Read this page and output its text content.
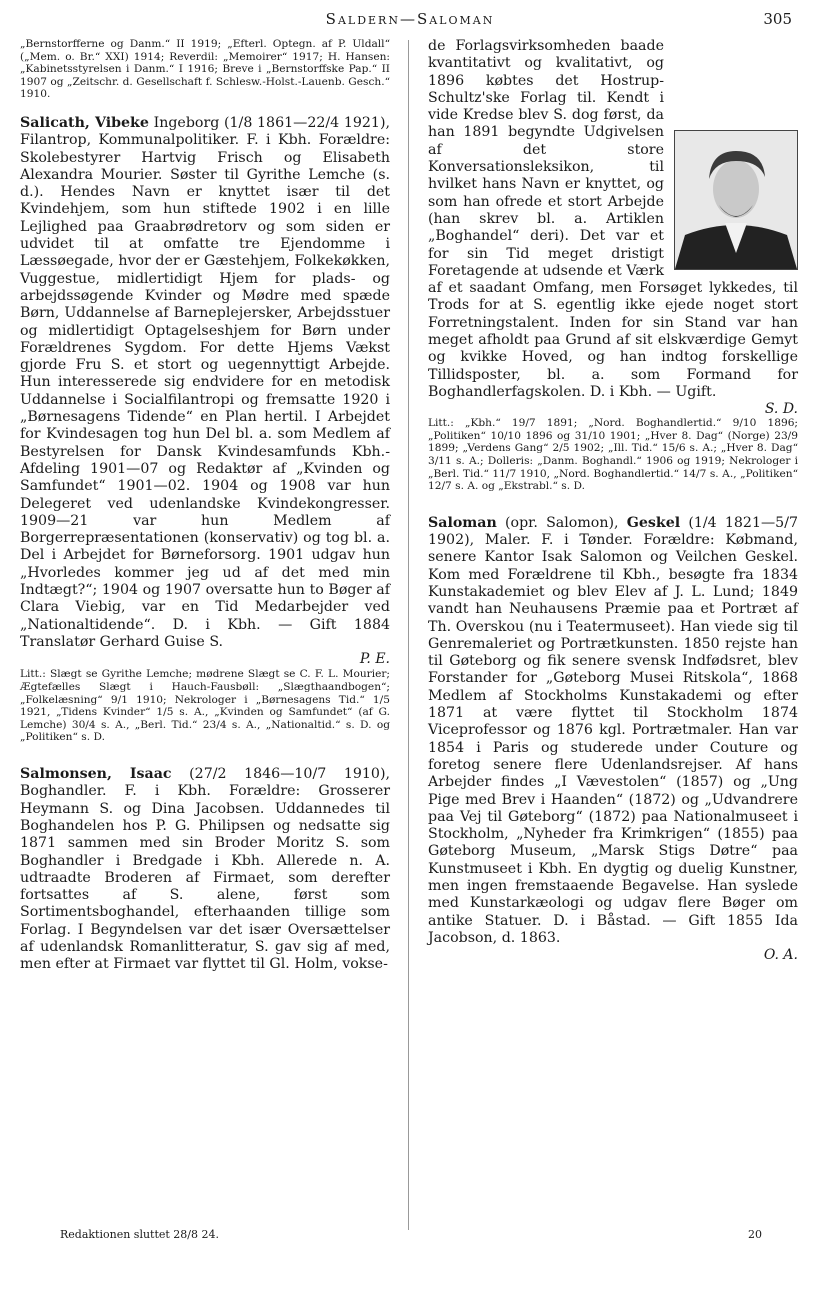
Saldern—Saloman	305

„Bernstorfferne og Danm.“ II 1919; „Efterl. Optegn. af P. Uldall“ („Mem. o. Br.“ XXI) 1914; Reverdil: „Memoirer“ 1917; H. Hansen: „Kabinetsstyrelsen i Danm.“ I 1916; Breve i „Bernstorffske Pap.“ II 1907 og „Zeitschr. d. Gesellschaft f. Schlesw.-Holst.-Lauenb. Gesch.“ 1910.

Salicath, Vibeke Ingeborg (1/8 1861—22/4 1921), Filantrop, Kommunalpolitiker. F. i Kbh. Forældre: Skolebestyrer Hartvig Frisch og Elisabeth Alexandra Mourier. Søster til Gyrithe Lemche (s. d.). Hendes Navn er knyttet især til det Kvindehjem, som hun stiftede 1902 i en lille Lejlighed paa Graabrødretorv og som siden er udvidet til at omfatte tre Ejendomme i Læssøegade, hvor der er Gæstehjem, Folkekøkken, Vuggestue, midlertidigt Hjem for plads- og arbejdssøgende Kvinder og Mødre med spæde Børn, Uddannelse af Barneplejersker, Arbejdsstuer og midlertidigt Optagelseshjem for Børn under Forældrenes Sygdom. For dette Hjems Vækst gjorde Fru S. et stort og uegennyttigt Arbejde. Hun interesserede sig endvidere for en metodisk Uddannelse i Socialfilantropi og fremsatte 1920 i „Børnesagens Tidende“ en Plan hertil. I Arbejdet for Kvindesagen tog hun Del bl. a. som Medlem af Bestyrelsen for Dansk Kvindesamfunds Kbh.-Afdeling 1901—07 og Redaktør af „Kvinden og Samfundet“ 1901—02. 1904 og 1908 var hun Delegeret ved udenlandske Kvindekongresser. 1909—21 var hun Medlem af Borgerrepræsentationen (konservativ) og tog bl. a. Del i Arbejdet for Børneforsorg. 1901 udgav hun „Hvorledes kommer jeg ud af det med min Indtægt?“; 1904 og 1907 oversatte hun to Bøger af Clara Viebig, var en Tid Medarbejder ved „Nationaltidende“. D. i Kbh. — Gift 1884 Translatør Gerhard Guise S.
P. E.

Litt.: Slægt se Gyrithe Lemche; mødrene Slægt se C. F. L. Mourier; Ægtefælles Slægt i Hauch-Fausbøll: „Slægthaandbogen“; „Folkelæsning“ 9/1 1910; Nekrologer i „Børnesagens Tid.“ 1/5 1921, „Tidens Kvinder“ 1/5 s. A., „Kvinden og Samfundet“ (af G. Lemche) 30/4 s. A., „Berl. Tid.“ 23/4 s. A., „Nationaltid.“ s. D. og „Politiken“ s. D.

Salmonsen, Isaac (27/2 1846—10/7 1910), Boghandler. F. i Kbh. Forældre: Grosserer Heymann S. og Dina Jacobsen. Uddannedes til Boghandelen hos P. G. Philipsen og nedsatte sig 1871 sammen med sin Broder Moritz S. som Boghandler i Bredgade i Kbh. Allerede n. A. udtraadte Broderen af Firmaet, som derefter fortsattes af S. alene, først som Sortimentsboghandel, efterhaanden tillige som Forlag. I Begyndelsen var det især Oversættelser af udenlandsk Romanlitteratur, S. gav sig af med, men efter at Firmaet var flyttet til Gl. Holm, vokse-

de Forlagsvirksomheden baade kvantitativt og kvalitativt, og 1896 købtes det Hostrup-Schultz'ske Forlag til. Kendt i vide Kredse blev S. dog først, da han 1891 begyndte Udgivelsen af det store Konversationsleksikon, til hvilket hans Navn er knyttet, og som han ofrede et stort Arbejde (han skrev bl. a. Artiklen „Boghandel“ deri). Det var et for sin Tid meget dristigt Foretagende at udsende et Værk af et saadant Omfang, men Forsøget lykkedes, til Trods for at S. egentlig ikke ejede noget stort Forretningstalent. Inden for sin Stand var han meget afholdt paa Grund af sit elskværdige Gemyt og kvikke Hoved, og han indtog forskellige Tillidsposter, bl. a. som Formand for Boghandlerfagskolen. D. i Kbh. — Ugift.

S. D.

Litt.: „Kbh.“ 19/7 1891; „Nord. Boghandlertid.“ 9/10 1896; „Politiken“ 10/10 1896 og 31/10 1901; „Hver 8. Dag“ (Norge) 23/9 1899; „Verdens Gang“ 2/5 1902; „Ill. Tid.“ 15/6 s. A.; „Hver 8. Dag“ 3/11 s. A.; Dolleris: „Danm. Boghandl.“ 1906 og 1919; Nekrologer i „Berl. Tid.“ 11/7 1910, „Nord. Boghandlertid.“ 14/7 s. A., „Politiken“ 12/7 s. A. og „Ekstrabl.“ s. D.

Saloman (opr. Salomon), Geskel (1/4 1821—5/7 1902), Maler. F. i Tønder. Forældre: Købmand, senere Kantor Isak Salomon og Veilchen Geskel. Kom med Forældrene til Kbh., besøgte fra 1834 Kunstakademiet og blev Elev af J. L. Lund; 1849 vandt han Neuhausens Præmie paa et Portræt af Th. Overskou (nu i Teatermuseet). Han viede sig til Genremaleriet og Portrætkunsten. 1850 rejste han til Gøteborg og fik senere svensk Indfødsret, blev Forstander for „Gøteborg Musei Ritskola“, 1868 Medlem af Stockholms Kunstakademi og efter 1871 at være flyttet til Stockholm 1874 Viceprofessor og 1876 kgl. Portrætmaler. Han var 1854 i Paris og studerede under Couture og foretog senere flere Udenlandsrejser. Af hans Arbejder findes „I Vævestolen“ (1857) og „Ung Pige med Brev i Haanden“ (1872) og „Udvandrere paa Vej til Gøteborg“ (1872) paa Nationalmuseet i Stockholm, „Nyheder fra Krimkrigen“ (1855) paa Gøteborg Museum, „Marsk Stigs Døtre“ paa Kunstmuseet i Kbh. En dygtig og duelig Kunstner, men ingen fremstaaende Begavelse. Han syslede med Kunstarkæologi og udgav flere Bøger om antike Statuer. D. i Båstad. — Gift 1855 Ida Jacobson, d. 1863.
O. A.

Redaktionen sluttet 28/8 24.	20
